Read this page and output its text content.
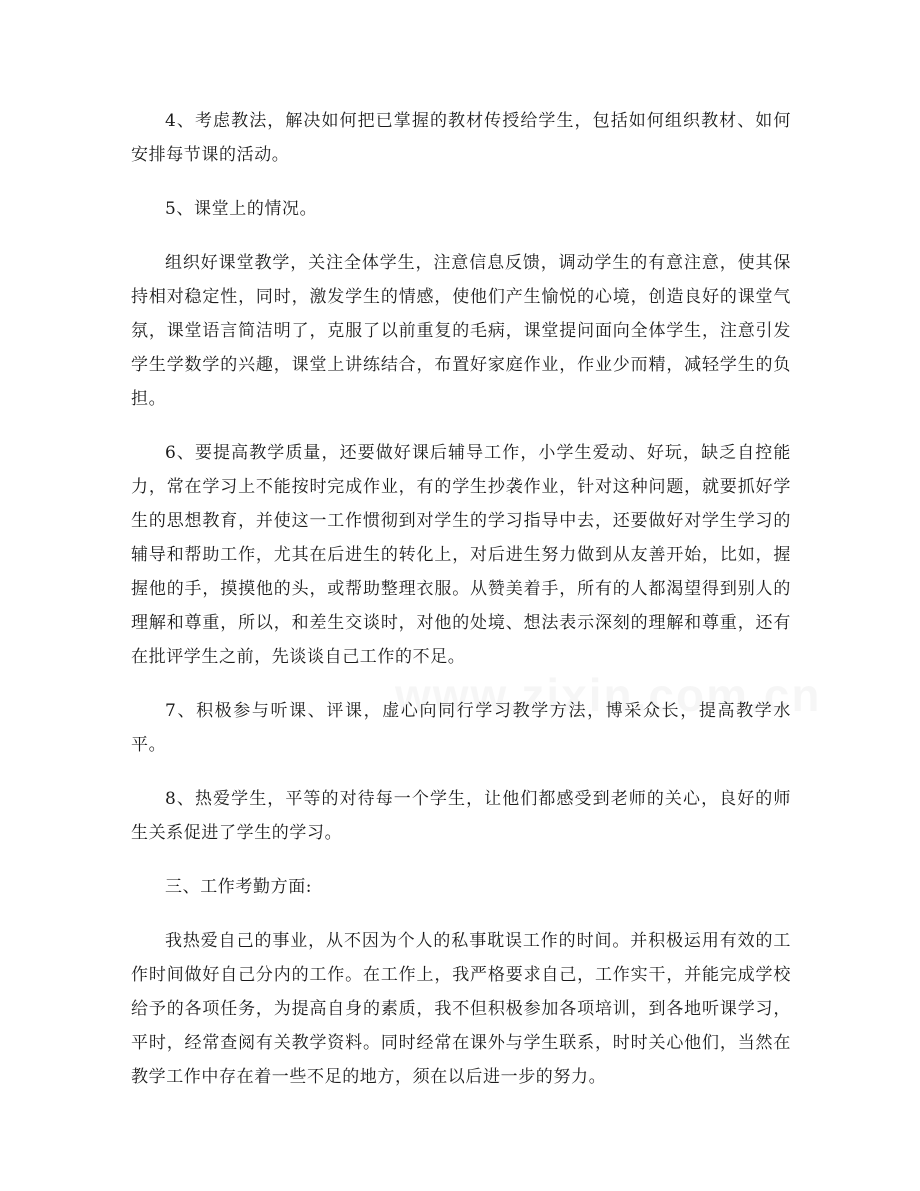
4、考虑教法，解决如何把已掌握的教材传授给学生，包括如何组织教材、如何安排每节课的活动。

5、课堂上的情况。

组织好课堂教学，关注全体学生，注意信息反馈，调动学生的有意注意，使其保持相对稳定性，同时，激发学生的情感，使他们产生愉悦的心境，创造良好的课堂气氛，课堂语言简洁明了，克服了以前重复的毛病，课堂提问面向全体学生，注意引发学生学数学的兴趣，课堂上讲练结合，布置好家庭作业，作业少而精，减轻学生的负担。

6、要提高教学质量，还要做好课后辅导工作，小学生爱动、好玩，缺乏自控能力，常在学习上不能按时完成作业，有的学生抄袭作业，针对这种问题，就要抓好学生的思想教育，并使这一工作惯彻到对学生的学习指导中去，还要做好对学生学习的辅导和帮助工作，尤其在后进生的转化上，对后进生努力做到从友善开始，比如，握握他的手，摸摸他的头，或帮助整理衣服。从赞美着手，所有的人都渴望得到别人的理解和尊重，所以，和差生交谈时，对他的处境、想法表示深刻的理解和尊重，还有在批评学生之前，先谈谈自己工作的不足。

7、积极参与听课、评课，虚心向同行学习教学方法，博采众长，提高教学水平。

8、热爱学生，平等的对待每一个学生，让他们都感受到老师的关心，良好的师生关系促进了学生的学习。

三、工作考勤方面:

我热爱自己的事业，从不因为个人的私事耽误工作的时间。并积极运用有效的工作时间做好自己分内的工作。在工作上，我严格要求自己，工作实干，并能完成学校给予的各项任务，为提高自身的素质，我不但积极参加各项培训，到各地听课学习，平时，经常查阅有关教学资料。同时经常在课外与学生联系，时时关心他们，当然在教学工作中存在着一些不足的地方，须在以后进一步的努力。
